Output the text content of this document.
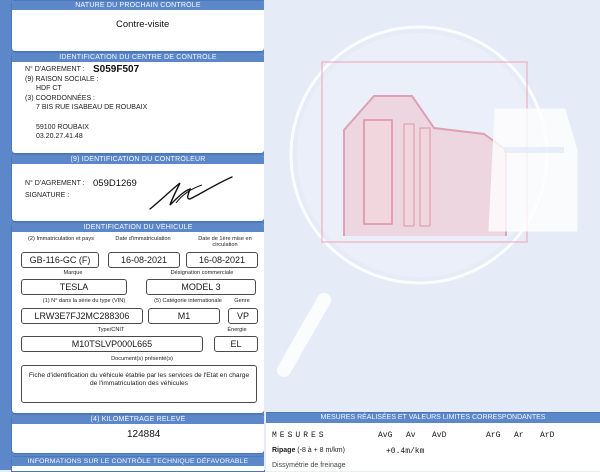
NATURE DU PROCHAIN CONTRÔLE
Contre-visite
IDENTIFICATION DU CENTRE DE CONTRÔLE
N° D'AGREMENT : S059F507
(9) RAISON SOCIALE :
HDF CT
(3) COORDONNÉES :
7 BIS RUE ISABEAU DE ROUBAIX
59100 ROUBAIX
03.20.27.41.48
(9) IDENTIFICATION DU CONTRÔLEUR
N° D'AGREMENT : 059D1269
SIGNATURE :
IDENTIFICATION DU VÉHICULE
(2) Immatriculation et pays	Date d'immatriculation	Date de 1ère mise en circulation
GB-116-GC (F)	16-08-2021	16-08-2021
Marque	Désignation commerciale
TESLA	MODEL 3
(1) N° dans la série du type (VIN)	(5) Catégorie internationale	Genre
LRW3E7FJ2MC288306	M1	VP
Type/CNIT	Énergie
M10TSLVP000L665	EL
Document(s) présenté(s)
Fiche d'identification du véhicule établie par les services de l'Etat en charge de l'immatriculation des véhicules
(4) KILOMÉTRAGE RELEVÉ
124884
INFORMATIONS SUR LE CONTRÔLE TECHNIQUE DÉFAVORABLE
MESURES RÉALISÉES ET VALEURS LIMITES CORRESPONDANTES
MESURES	AvG Av AvD	ArG Ar ArD
Ripage (-8 à + 8 m/km)	+0.4m/km
Dissymétrie de freinage
